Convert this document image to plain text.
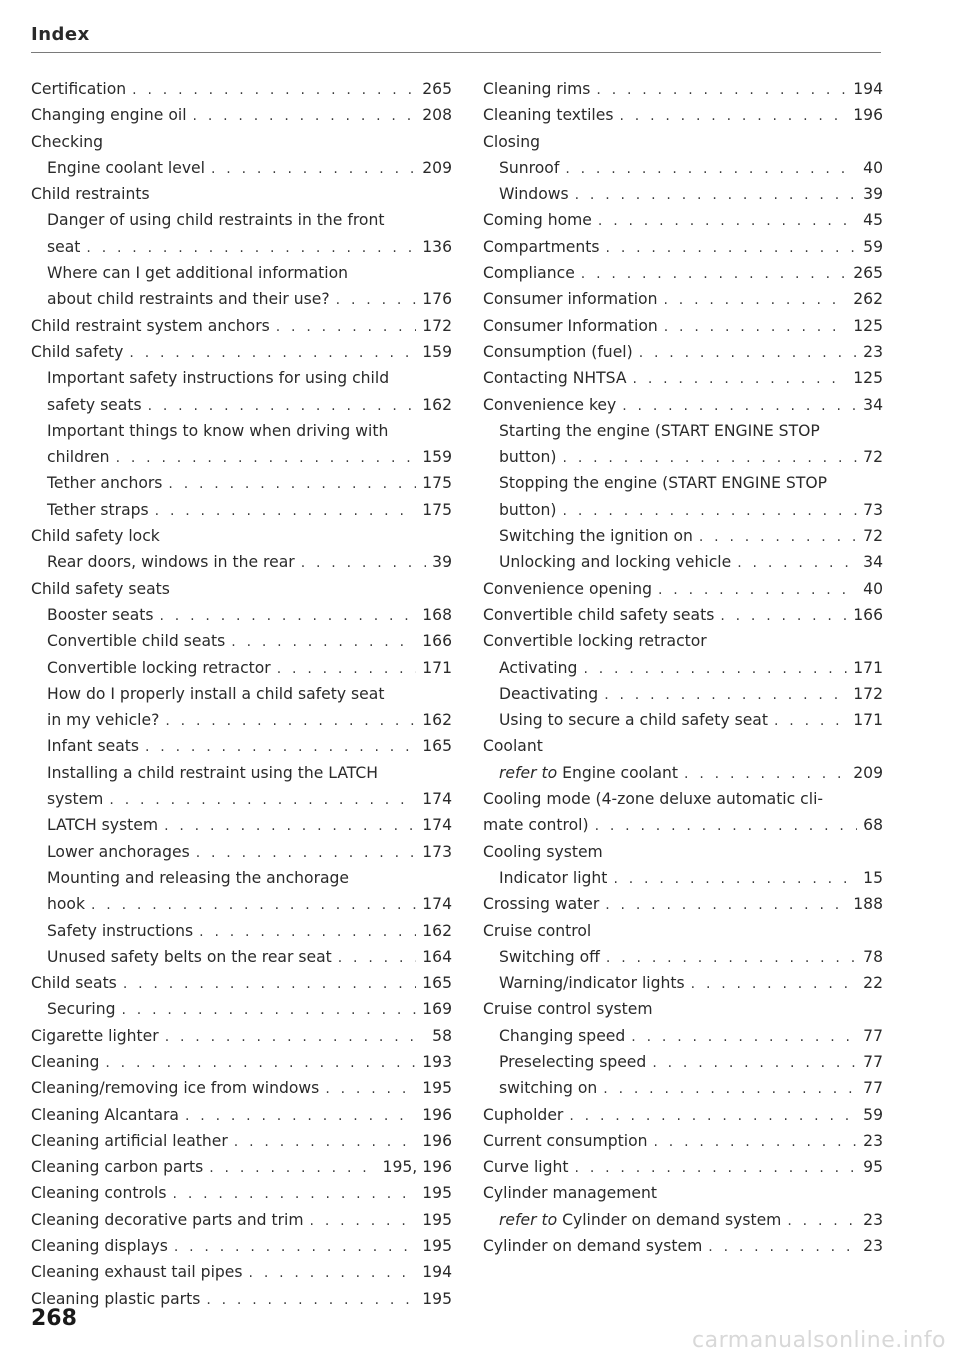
Index
Certification . . .	265
Changing engine oil . . .	208
Checking
Engine coolant level . . .	209
Child restraints
Danger of using child restraints in the front
seat . . .	136
Where can I get additional information
about child restraints and their use? . . .	176
Child restraint system anchors . . .	172
Child safety . . .	159
Important safety instructions for using child
safety seats . . .	162
Important things to know when driving with
children . . .	159
Tether anchors . . .	175
Tether straps . . .	175
Child safety lock
Rear doors, windows in the rear . . .	39
Child safety seats
Booster seats . . .	168
Convertible child seats . . .	166
Convertible locking retractor . . .	171
How do I properly install a child safety seat
in my vehicle? . . .	162
Infant seats . . .	165
Installing a child restraint using the LATCH
system . . .	174
LATCH system . . .	174
Lower anchorages . . .	173
Mounting and releasing the anchorage
hook . . .	174
Safety instructions . . .	162
Unused safety belts on the rear seat . . .	164
Child seats . . .	165
Securing . . .	169
Cigarette lighter . . .	58
Cleaning . . .	193
Cleaning/removing ice from windows . . .	195
Cleaning Alcantara . . .	196
Cleaning artificial leather . . .	196
Cleaning carbon parts . . .	195, 196
Cleaning controls . . .	195
Cleaning decorative parts and trim . . .	195
Cleaning displays . . .	195
Cleaning exhaust tail pipes . . .	194
Cleaning plastic parts . . .	195
Cleaning rims . . .	194
Cleaning textiles . . .	196
Closing
Sunroof . . .	40
Windows . . .	39
Coming home . . .	45
Compartments . . .	59
Compliance . . .	265
Consumer information . . .	262
Consumer Information . . .	125
Consumption (fuel) . . .	23
Contacting NHTSA . . .	125
Convenience key . . .	34
Starting the engine (START ENGINE STOP
button) . . .	72
Stopping the engine (START ENGINE STOP
button) . . .	73
Switching the ignition on . . .	72
Unlocking and locking vehicle . . .	34
Convenience opening . . .	40
Convertible child safety seats . . .	166
Convertible locking retractor
Activating . . .	171
Deactivating . . .	172
Using to secure a child safety seat . . .	171
Coolant
refer to Engine coolant . . .	209
Cooling mode (4-zone deluxe automatic cli-
mate control) . . .	68
Cooling system
Indicator light . . .	15
Crossing water . . .	188
Cruise control
Switching off . . .	78
Warning/indicator lights . . .	22
Cruise control system
Changing speed . . .	77
Preselecting speed . . .	77
switching on . . .	77
Cupholder . . .	59
Current consumption . . .	23
Curve light . . .	95
Cylinder management
refer to Cylinder on demand system . . .	23
Cylinder on demand system . . .	23
268
carmanualsonline.info
